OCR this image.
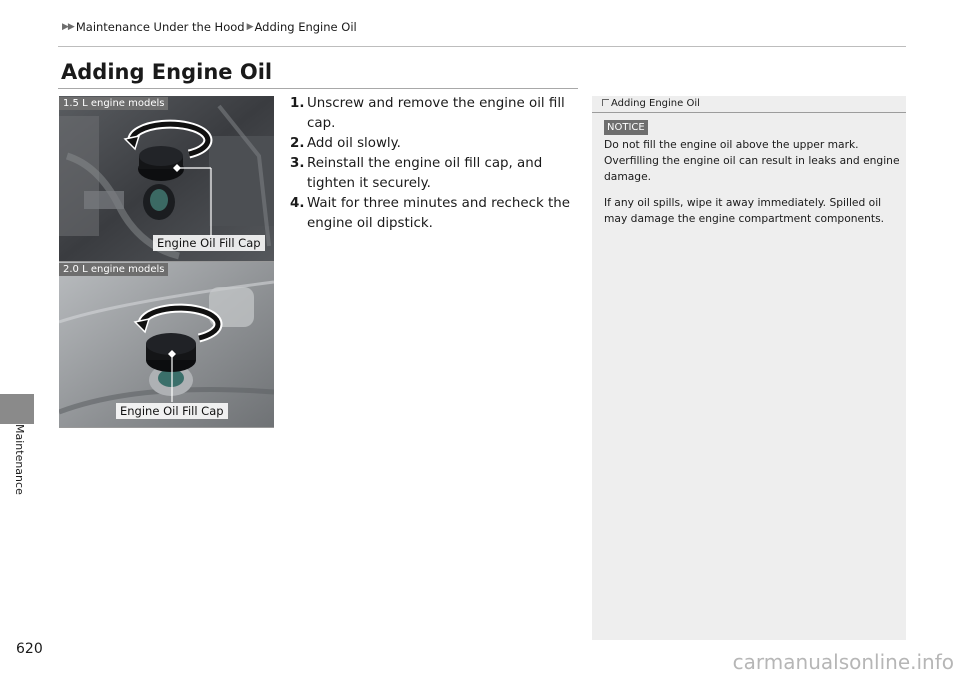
▶▶ Maintenance Under the Hood ▶ Adding Engine Oil
Maintenance
Adding Engine Oil
1.5 L engine models
Engine Oil Fill Cap
2.0 L engine models
Engine Oil Fill Cap
1. Unscrew and remove the engine oil fill cap.
2. Add oil slowly.
3. Reinstall the engine oil fill cap, and tighten it securely.
4. Wait for three minutes and recheck the engine oil dipstick.
Adding Engine Oil
NOTICE

Do not fill the engine oil above the upper mark. Overfilling the engine oil can result in leaks and engine damage.

If any oil spills, wipe it away immediately. Spilled oil may damage the engine compartment components.

620
carmanualsonline.info
